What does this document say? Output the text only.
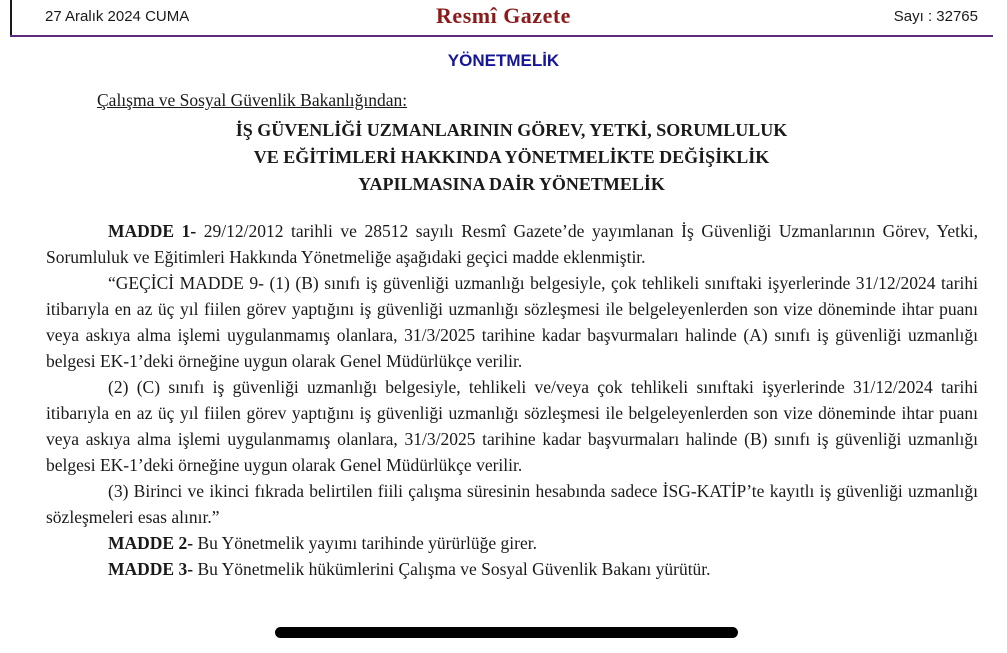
27 Aralık 2024 CUMA	Resmî Gazete	Sayı : 32765
YÖNETMELİK
Çalışma ve Sosyal Güvenlik Bakanlığından:
İŞ GÜVENLİĞİ UZMANLARININ GÖREV, YETKİ, SORUMLULUK
VE EĞİTİMLERİ HAKKINDA YÖNETMELİKTE DEĞİŞİKLİK
YAPILMASINA DAİR YÖNETMELİK

MADDE 1- 29/12/2012 tarihli ve 28512 sayılı Resmî Gazete’de yayımlanan İş Güvenliği Uzmanlarının Görev, Yetki, Sorumluluk ve Eğitimleri Hakkında Yönetmeliğe aşağıdaki geçici madde eklenmiştir.

“GEÇİCİ MADDE 9- (1) (B) sınıfı iş güvenliği uzmanlığı belgesiyle, çok tehlikeli sınıftaki işyerlerinde 31/12/2024 tarihi itibarıyla en az üç yıl fiilen görev yaptığını iş güvenliği uzmanlığı sözleşmesi ile belgeleyenlerden son vize döneminde ihtar puanı veya askıya alma işlemi uygulanmamış olanlara, 31/3/2025 tarihine kadar başvurmaları halinde (A) sınıfı iş güvenliği uzmanlığı belgesi EK-1’deki örneğine uygun olarak Genel Müdürlükçe verilir.

(2) (C) sınıfı iş güvenliği uzmanlığı belgesiyle, tehlikeli ve/veya çok tehlikeli sınıftaki işyerlerinde 31/12/2024 tarihi itibarıyla en az üç yıl fiilen görev yaptığını iş güvenliği uzmanlığı sözleşmesi ile belgeleyenlerden son vize döneminde ihtar puanı veya askıya alma işlemi uygulanmamış olanlara, 31/3/2025 tarihine kadar başvurmaları halinde (B) sınıfı iş güvenliği uzmanlığı belgesi EK-1’deki örneğine uygun olarak Genel Müdürlükçe verilir.

(3) Birinci ve ikinci fıkrada belirtilen fiili çalışma süresinin hesabında sadece İSG-KATİP’te kayıtlı iş güvenliği uzmanlığı sözleşmeleri esas alınır.”

MADDE 2- Bu Yönetmelik yayımı tarihinde yürürlüğe girer.

MADDE 3- Bu Yönetmelik hükümlerini Çalışma ve Sosyal Güvenlik Bakanı yürütür.
